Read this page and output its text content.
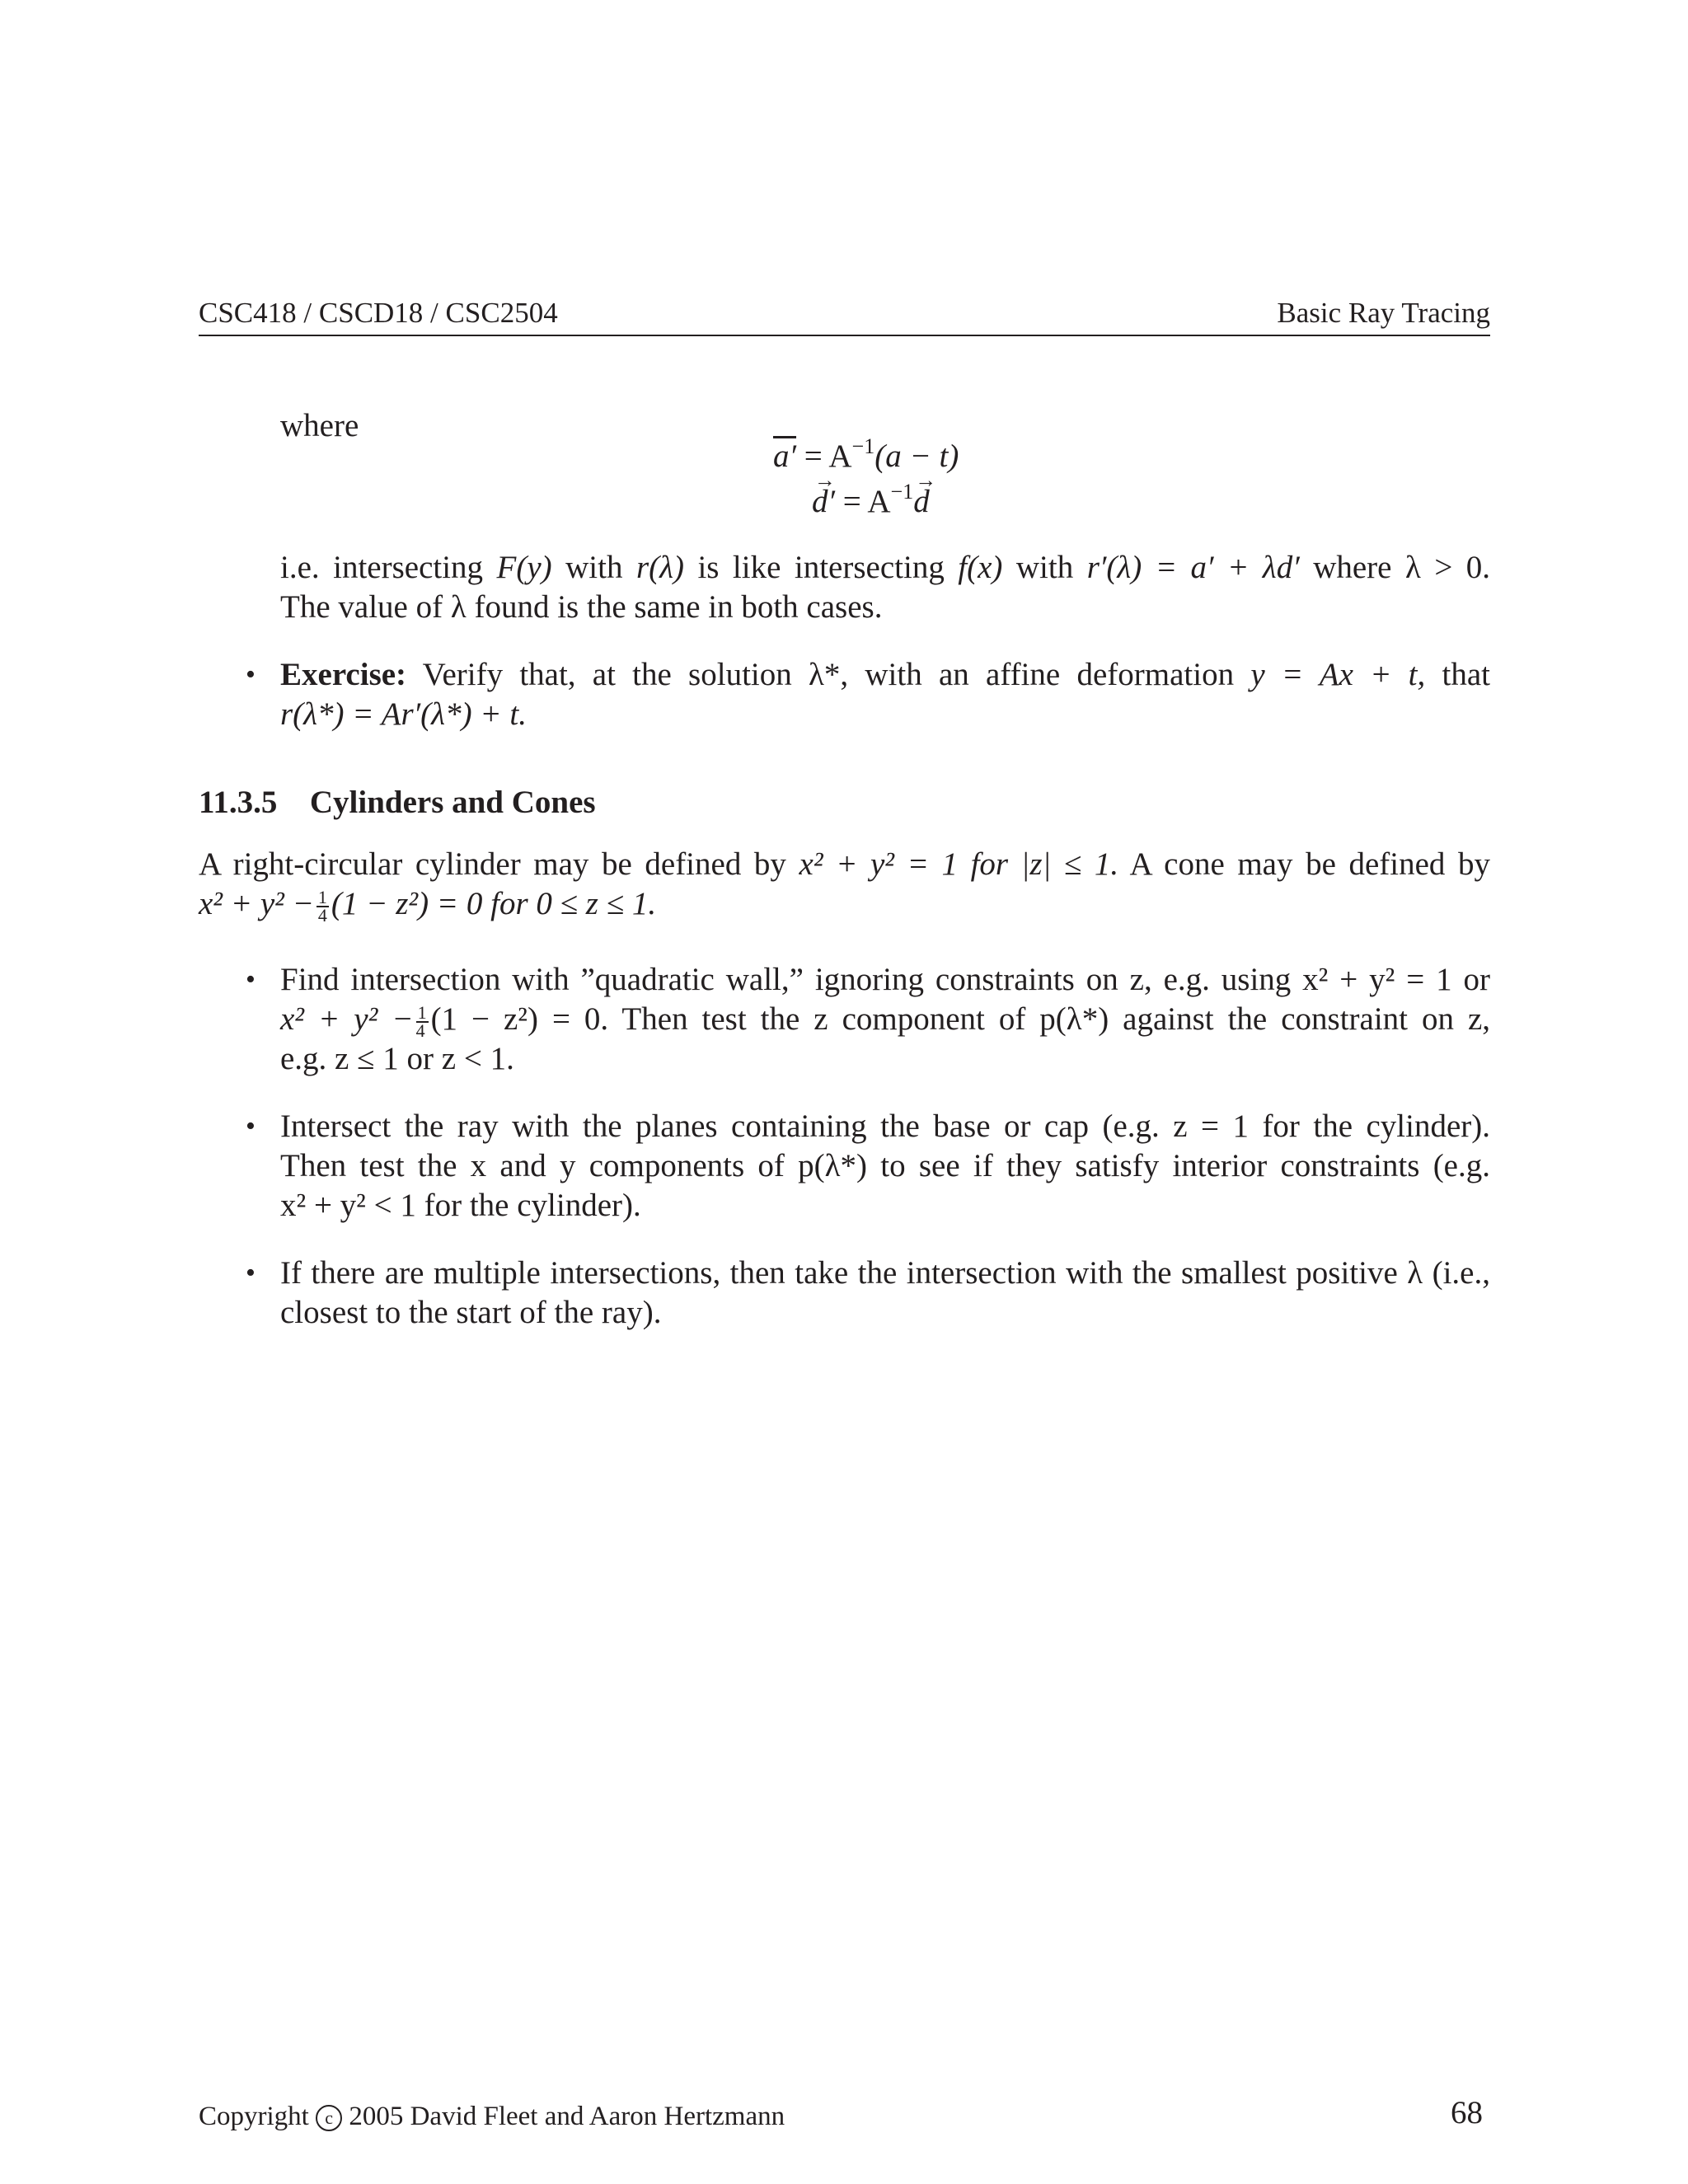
CSC418 / CSCD18 / CSC2504	Basic Ray Tracing
where
$a' = A^{-1}(a - t)$
d′ → = $A^{-1}d$ →
i.e. intersecting F(y) with r(λ) is like intersecting f(x) with r′(λ) = a′ + λd′ where λ > 0.
The value of λ found is the same in both cases.
• Exercise: Verify that, at the solution λ*, with an affine deformation y = Ax + t, that
r(λ*) = Ar′(λ*) + t.
11.3.5 Cylinders and Cones
A right-circular cylinder may be defined by x² + y² = 1 for |z| ≤ 1. A cone may be defined by
$x^2 + y^2 - \frac{1}{4} (1 - z^2) = 0$ for 0 ≤ z ≤ 1.
• Find intersection with ”quadratic wall,” ignoring constraints on z, e.g. using x² + y² = 1 or
$x^2 + y^2 - \frac{1}{4} (1 - z^2) = 0$. Then test the z component of p(λ*) against the constraint on z,
e.g. z ≤ 1 or z < 1.
• Intersect the ray with the planes containing the base or cap (e.g. z = 1 for the cylinder).
Then test the x and y components of p(λ*) to see if they satisfy interior constraints (e.g.
x² + y² < 1 for the cylinder).
• If there are multiple intersections, then take the intersection with the smallest positive λ (i.e.,
closest to the start of the ray).
Copyright c 2005 David Fleet and Aaron Hertzmann	68
